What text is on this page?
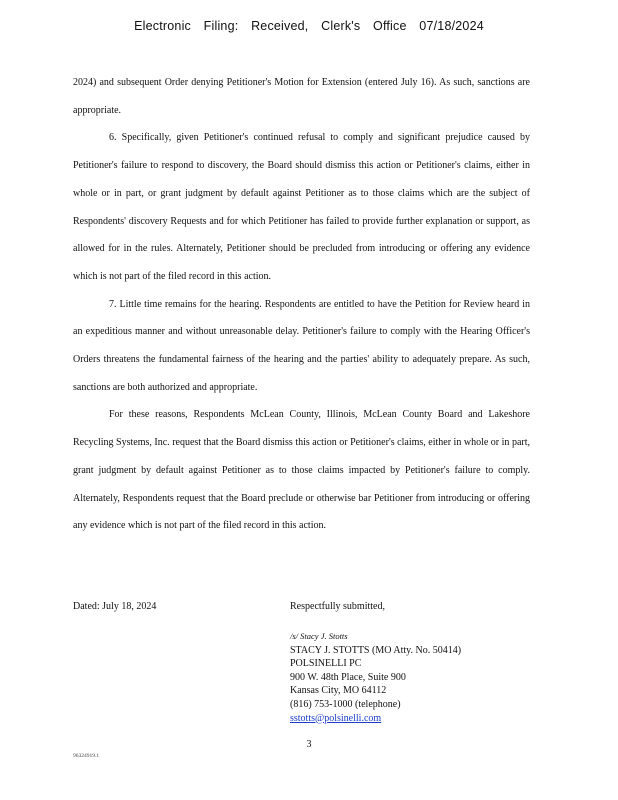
Electronic Filing: Received, Clerk's Office 07/18/2024

2024) and subsequent Order denying Petitioner's Motion for Extension (entered July 16). As such, sanctions are appropriate.

6. Specifically, given Petitioner's continued refusal to comply and significant prejudice caused by Petitioner's failure to respond to discovery, the Board should dismiss this action or Petitioner's claims, either in whole or in part, or grant judgment by default against Petitioner as to those claims which are the subject of Respondents' discovery Requests and for which Petitioner has failed to provide further explanation or support, as allowed for in the rules. Alternately, Petitioner should be precluded from introducing or offering any evidence which is not part of the filed record in this action.

7. Little time remains for the hearing. Respondents are entitled to have the Petition for Review heard in an expeditious manner and without unreasonable delay. Petitioner's failure to comply with the Hearing Officer's Orders threatens the fundamental fairness of the hearing and the parties' ability to adequately prepare. As such, sanctions are both authorized and appropriate.

For these reasons, Respondents McLean County, Illinois, McLean County Board and Lakeshore Recycling Systems, Inc. request that the Board dismiss this action or Petitioner's claims, either in whole or in part, grant judgment by default against Petitioner as to those claims impacted by Petitioner's failure to comply. Alternately, Respondents request that the Board preclude or otherwise bar Petitioner from introducing or offering any evidence which is not part of the filed record in this action.

Dated: July 18, 2024	Respectfully submitted,
/s/ Stacy J. Stotts
STACY J. STOTTS (MO Atty. No. 50414)
POLSINELLI PC
900 W. 48th Place, Suite 900
Kansas City, MO 64112
(816) 753-1000 (telephone)
sstotts@polsinelli.com
3
96324919.1
